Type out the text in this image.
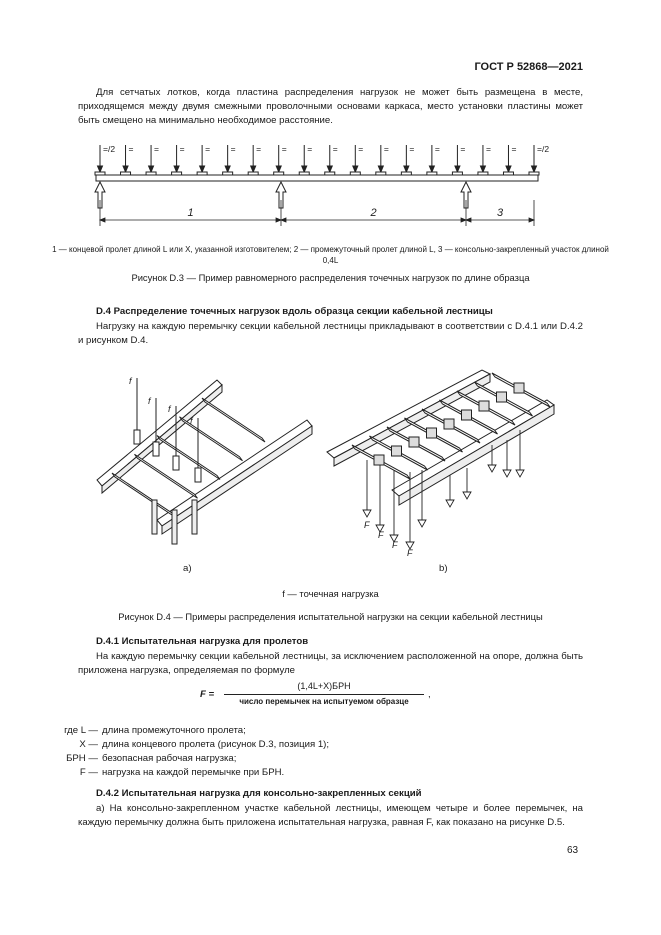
ГОСТ Р 52868—2021
Для сетчатых лотков, когда пластина распределения нагрузок не может быть размещена в месте, приходящемся между двумя смежными проволочными основами каркаса, место установки пластины может быть смещено на минимально необходимое расстояние.
=/2 = = = = = = = = = = = = = = = = =/2
1	2	3
1 — концевой пролет длиной L или X, указанной изготовителем; 2 — промежуточный пролет длиной L, 3 — консольно-закрепленный участок длиной 0,4L
Рисунок D.3 — Пример равномерного распределения точечных нагрузок по длине образца
D.4 Распределение точечных нагрузок вдоль образца секции кабельной лестницы
Нагрузку на каждую перемычку секции кабельной лестницы прикладывают в соответствии с D.4.1 или D.4.2 и рисунком D.4.
f
f
f
f
F
F
F
F
a)	b)
f — точечная нагрузка
Рисунок D.4 — Примеры распределения испытательной нагрузки на секции кабельной лестницы
D.4.1 Испытательная нагрузка для пролетов
На каждую перемычку секции кабельной лестницы, за исключением расположенной на опоре, должна быть приложена нагрузка, определяемая по формуле
F =
(1,4L+X)БРН
число перемычек на испытуемом образце
,
где L —	длина промежуточного пролета;
X —	длина концевого пролета (рисунок D.3, позиция 1);
БРН —	безопасная рабочая нагрузка;
F —	нагрузка на каждой перемычке при БРН.
D.4.2 Испытательная нагрузка для консольно-закрепленных секций
а) На консольно-закрепленном участке кабельной лестницы, имеющем четыре и более перемычек, на каждую перемычку должна быть приложена испытательная нагрузка, равная F, как показано на рисунке D.5.
63
